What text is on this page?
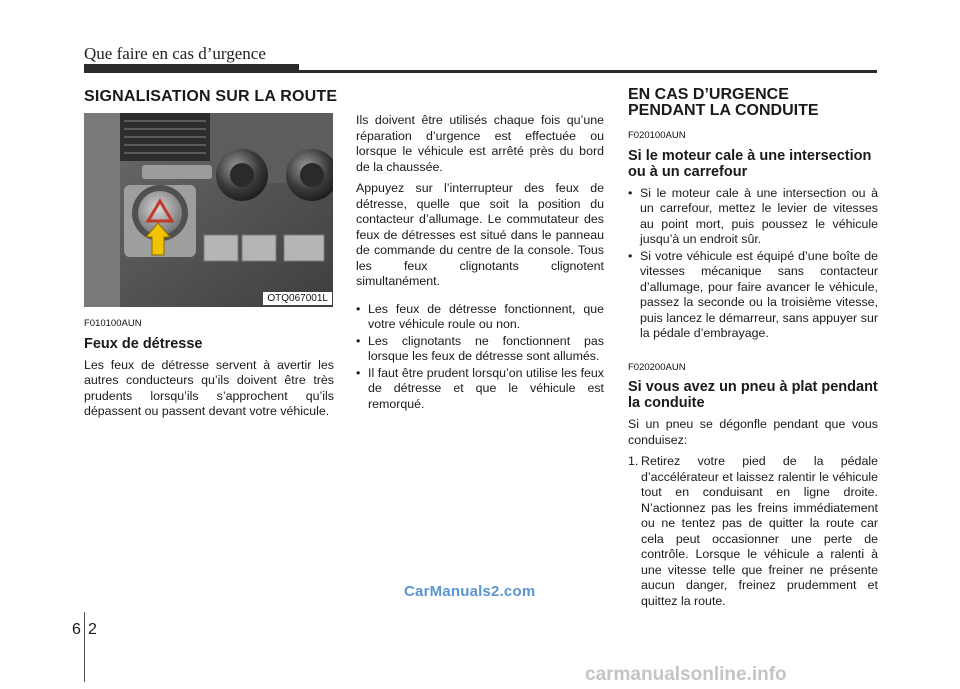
Que faire en cas d’urgence
SIGNALISATION SUR LA ROUTE	EN CAS D’URGENCE
PENDANT LA CONDUITE
OTQ067001L
F010100AUN
Feux de détresse

Les feux de détresse servent à avertir les autres conducteurs qu’ils doivent être très prudents lorsqu’ils s’approchent qu’ils dépassent ou passent devant votre véhicule.

Ils doivent être utilisés chaque fois qu’une réparation d’urgence est effectuée ou lorsque le véhicule est arrêté près du bord de la chaussée.

Appuyez sur l’interrupteur des feux de détresse, quelle que soit la position du contacteur d’allumage. Le commutateur des feux de détresses est situé dans le panneau de commande du centre de la console. Tous les feux clignotants clignotent simultanément.

• Les feux de détresse fonctionnent, que votre véhicule roule ou non.
• Les clignotants ne fonctionnent pas lorsque les feux de détresse sont allumés.
• Il faut être prudent lorsqu’on utilise les feux de détresse et que le véhicule est remorqué.
F020100AUN
Si le moteur cale à une intersection ou à un carrefour
• Si le moteur cale à une intersection ou à un carrefour, mettez le levier de vitesses au point mort, puis poussez le véhicule jusqu’à un endroit sûr.
• Si votre véhicule est équipé d’une boîte de vitesses mécanique sans contacteur d’allumage, pour faire avancer le véhicule, passez la seconde ou la troisième vitesse, puis lancez le démarreur, sans appuyer sur la pédale d’embrayage.
F020200AUN
Si vous avez un pneu à plat pendant la conduite

Si un pneu se dégonfle pendant que vous conduisez:

1. Retirez votre pied de la pédale d’accélérateur et laissez ralentir le véhicule tout en conduisant en ligne droite. N’actionnez pas les freins immédiatement ou ne tentez pas de quitter la route car cela peut occasionner une perte de contrôle. Lorsque le véhicule a ralenti à une vitesse telle que freiner ne présente aucun danger, freinez prudemment et quittez la route.
CarManuals2.com
carmanualsonline.info
6 2
